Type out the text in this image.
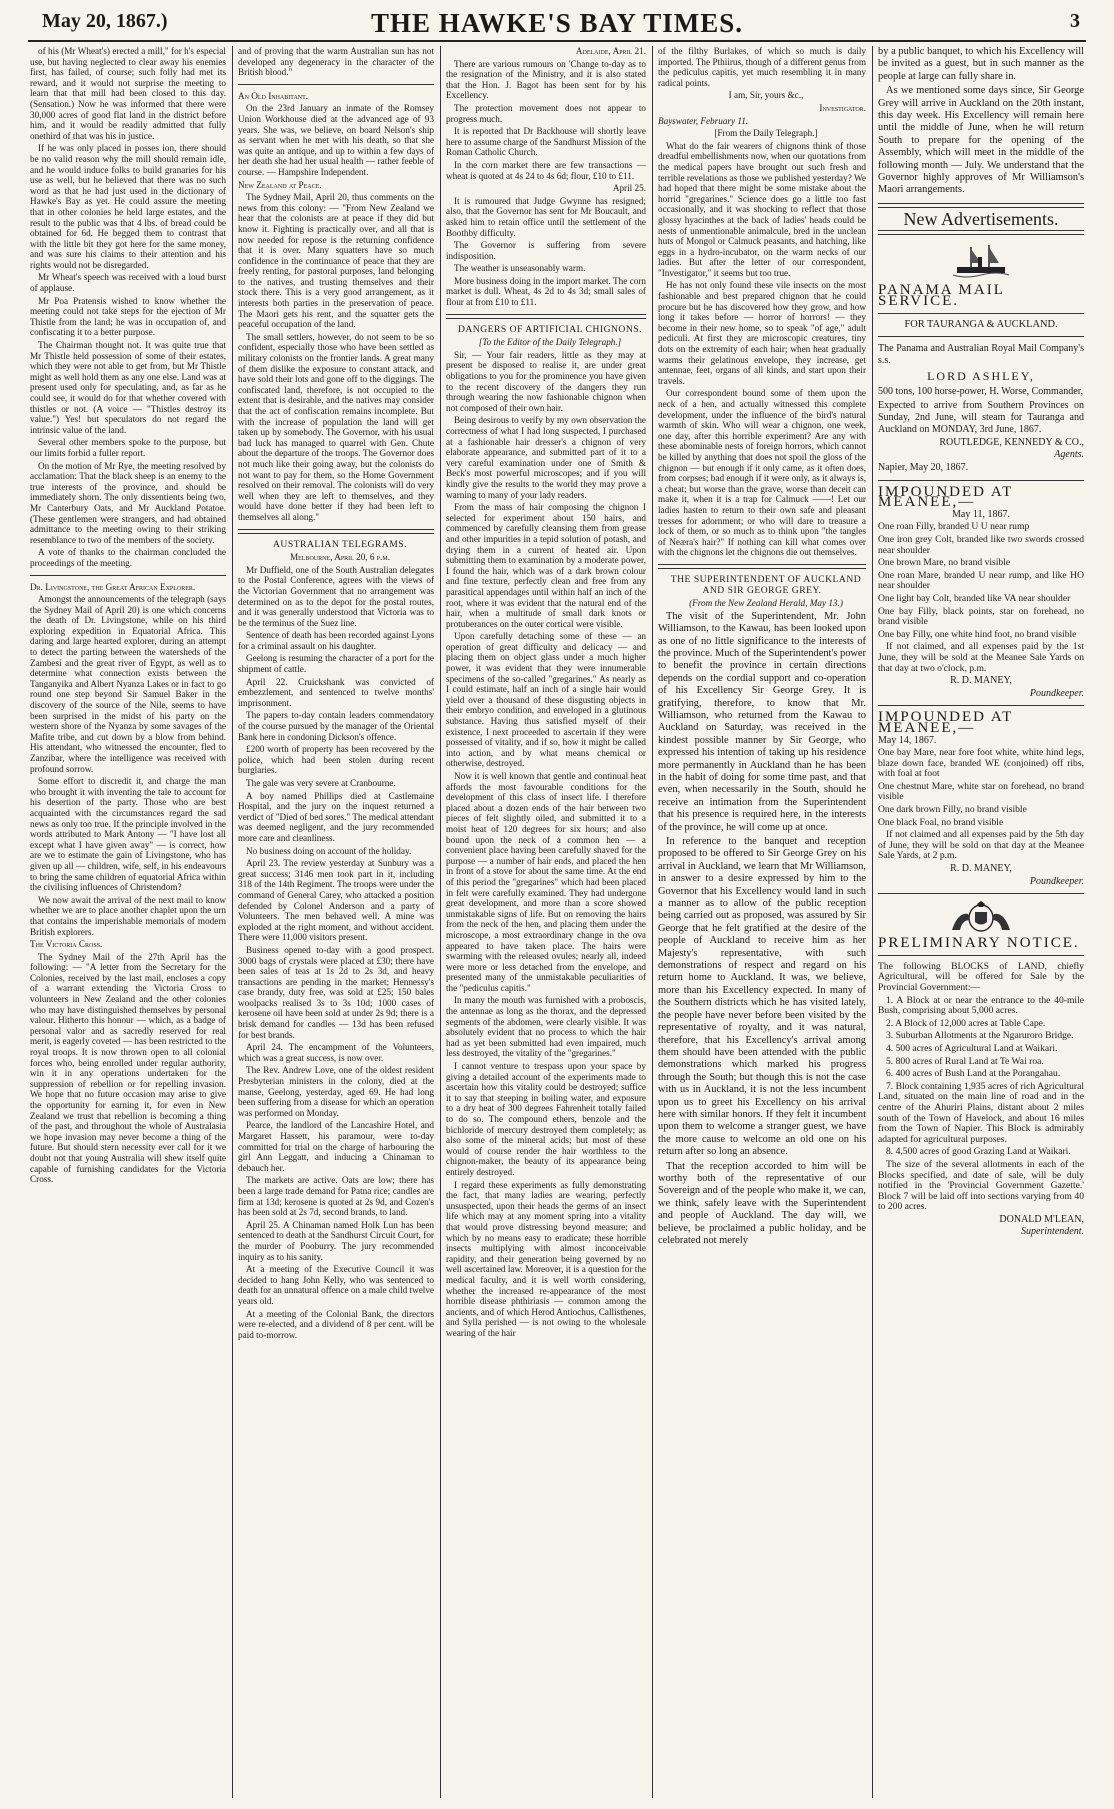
May 20, 1867.)	THE HAWKE'S BAY TIMES.	3

of his (Mr Wheat's) erected a mill," for h's especial use, but having neglected to clear away his enemies first, has failed, of course; such folly had met its reward, and it would not surprise the meeting to learn that that mill had been closed to this day. (Sensation.) Now he was informed that there were 30,000 acres of good flat land in the district before him, and it would be readily admitted that fully onethird of that was his in justice.

If he was only placed in posses ion, there should be no valid reason why the mill should remain idle, and he would induce folks to build granaries for his use as well, but he believed that there was no such word as that he had just used in the dictionary of Hawke's Bay as yet. He could assure the meeting that in other colonies he held large estates, and the result to the public was that 4 lbs. of bread could be obtained for 6d. He begged them to contrast that with the little bit they got here for the same money, and was sure his claims to their attention and his rights would not be disregarded.

Mr Wheat's speech was received with a loud burst of applause.

Mr Poa Pratensis wished to know whether the meeting could not take steps for the ejection of Mr Thistle from the land; he was in occupation of, and confiscating it to a better purpose.

The Chairman thought not. It was quite true that Mr Thistle held possession of some of their estates, which they were not able to get from, but Mr Thistle might as well hold them as any one else. Land was at present used only for speculating, and, as far as he could see, it would do for that whether covered with thistles or not. (A voice — "Thistles destroy its value.") Yes! but speculators do not regard the intrinsic value of the land.

Several other members spoke to the purpose, but our limits forbid a fuller report.

On the motion of Mr Rye, the meeting resolved by acclamation: That the black sheep is an enemy to the true interests of the province, and should be immediately shorn. The only dissentients being two, Mr Canterbury Oats, and Mr Auckland Potatoe. (These gentlemen were strangers, and had obtained admittance to the meeting owing to their striking resemblance to two of the members of the society.

A vote of thanks to the chairman concluded the proceedings of the meeting.

Dr. Livingstone, the Great African Explorer.

Amongst the announcements of the telegraph (says the Sydney Mail of April 20) is one which concerns the death of Dr. Livingstone, while on his third exploring expedition in Equatorial Africa. This daring and large hearted explorer, during an attempt to detect the parting between the watersheds of the Zambesi and the great river of Egypt, as well as to determine what connection exists between the Tanganyika and Albert Nyanza Lakes or in fact to go round one step beyond Sir Samuel Baker in the discovery of the source of the Nile, seems to have been surprised in the midst of his party on the western shore of the Nyanza by some savages of the Mafite tribe, and cut down by a blow from behind. His attendant, who witnessed the encounter, fled to Zanzibar, where the intelligence was received with profound sorrow.

Some effort to discredit it, and charge the man who brought it with inventing the tale to account for his desertion of the party. Those who are best acquainted with the circumstances regard the sad news as only too true. If the principle involved in the words attributed to Mark Antony — "I have lost all except what I have given away" — is correct, how are we to estimate the gain of Livingstone, who has given up all — children, wife, self, in his endeavours to bring the same children of equatorial Africa within the civilising influences of Christendom?

We now await the arrival of the next mail to know whether we are to place another chaplet upon the urn that contains the imperishable memorials of modern British explorers.

The Victoria Cross.

The Sydney Mail of the 27th April has the following: — "A letter from the Secretary for the Colonies, received by the last mail, encloses a copy of a warrant extending the Victoria Cross to volunteers in New Zealand and the other colonies who may have distinguished themselves by personal valour. Hitherto this honour — which, as a badge of personal valor and as sacredly reserved for real merit, is eagerly coveted — has been restricted to the royal troops. It is now thrown open to all colonial forces who, being enrolled under regular authority, win it in any operations undertaken for the suppression of rebellion or for repelling invasion. We hope that no future occasion may arise to give the opportunity for earning it, for even in New Zealand we trust that rebellion is becoming a thing of the past, and throughout the whole of Australasia we hope invasion may never become a thing of the future. But should stern necessity ever call for it we doubt not that young Australia will shew itself quite capable of furnishing candidates for the Victoria Cross.

and of proving that the warm Australian sun has not developed any degeneracy in the character of the British blood."

An Old Inhabitant.

On the 23rd January an inmate of the Romsey Union Workhouse died at the advanced age of 93 years. She was, we believe, on board Nelson's ship as servant when he met with his death, so that she was quite an antique, and up to within a few days of her death she had her usual health — rather feeble of course. — Hampshire Independent.

New Zealand at Peace.

The Sydney Mail, April 20, thus comments on the news from this colony: — "From New Zealand we hear that the colonists are at peace if they did but know it. Fighting is practically over, and all that is now needed for repose is the returning confidence that it is over. Many squatters have so much confidence in the continuance of peace that they are freely renting, for pastoral purposes, land belonging to the natives, and trusting themselves and their stock there. This is a very good arrangement, as it interests both parties in the preservation of peace. The Maori gets his rent, and the squatter gets the peaceful occupation of the land.

The small settlers, however, do not seem to be so confident, especially those who have been settled as military colonists on the frontier lands. A great many of them dislike the exposure to constant attack, and have sold their lots and gone off to the diggings. The confiscated land, therefore, is not occupied to the extent that is desirable, and the natives may consider that the act of confiscation remains incomplete. But with the increase of population the land will get taken up by somebody. The Governor, with his usual bad luck has managed to quarrel with Gen. Chute about the departure of the troops. The Governor does not much like their going away, but the colonists do not want to pay for them, so the Home Government resolved on their removal. The colonists will do very well when they are left to themselves, and they would have done better if they had been left to themselves all along."

AUSTRALIAN TELEGRAMS.

Melbourne, April 20, 6 p.m.

Mr Duffield, one of the South Australian delegates to the Postal Conference, agrees with the views of the Victorian Government that no arrangement was determined on as to the depot for the postal routes, and it was generally understood that Victoria was to be the terminus of the Suez line.

Sentence of death has been recorded against Lyons for a criminal assault on his daughter.

Geelong is resuming the character of a port for the shipment of cattle.

April 22. Cruickshank was convicted of embezzlement, and sentenced to twelve months' imprisonment.

The papers to-day contain leaders commendatory of the course pursued by the manager of the Oriental Bank here in condoning Dickson's offence.

£200 worth of property has been recovered by the police, which had been stolen during recent burglaries.

The gale was very severe at Cranbourne.

A boy named Phillips died at Castlemaine Hospital, and the jury on the inquest returned a verdict of "Died of bed sores." The medical attendant was deemed negligent, and the jury recommended more care and cleanliness.

No business doing on account of the holiday.

April 23. The review yesterday at Sunbury was a great success; 3146 men took part in it, including 318 of the 14th Regiment. The troops were under the command of General Carey, who attacked a position defended by Colonel Anderson and a party of Volunteers. The men behaved well. A mine was exploded at the right moment, and without accident. There were 11,000 visitors present.

Business opened to-day with a good prospect. 3000 bags of crystals were placed at £30; there have been sales of teas at 1s 2d to 2s 3d, and heavy transactions are pending in the market; Hennessy's case brandy, duty free, was sold at £25; 150 bales woolpacks realised 3s to 3s 10d; 1000 cases of kerosene oil have been sold at under 2s 9d; there is a brisk demand for candles — 13d has been refused for best brands.

April 24. The encampment of the Volunteers, which was a great success, is now over.

The Rev. Andrew Love, one of the oldest resident Presbyterian ministers in the colony, died at the manse, Geelong, yesterday, aged 69. He had long been suffering from a disease for which an operation was performed on Monday.

Pearce, the landlord of the Lancashire Hotel, and Margaret Hassett, his paramour, were to-day committed for trial on the charge of harbouring the girl Ann Leggatt, and inducing a Chinaman to debauch her.

The markets are active. Oats are low; there has been a large trade demand for Patna rice; candles are firm at 13d; kerosene is quoted at 2s 9d, and Cozen's has been sold at 2s 7d, second brands, to land.

April 25. A Chinaman named Holk Lun has been sentenced to death at the Sandhurst Circuit Court, for the murder of Pooburry. The jury recommended inquiry as to his sanity.

At a meeting of the Executive Council it was decided to hang John Kelly, who was sentenced to death for an unnatural offence on a male child twelve years old.

At a meeting of the Colonial Bank, the directors were re-elected, and a dividend of 8 per cent. will be paid to-morrow.

Adelaide, April 21.

There are various rumours on 'Change to-day as to the resignation of the Ministry, and it is also stated that the Hon. J. Bagot has been sent for by his Excellency.

The protection movement does not appear to progress much.

It is reported that Dr Backhouse will shortly leave here to assume charge of the Sandhurst Mission of the Roman Catholic Church.

In the corn market there are few transactions — wheat is quoted at 4s 24 to 4s 6d; flour, £10 to £11.

April 25.

It is rumoured that Judge Gwynne has resigned; also, that the Governor has sent for Mr Boucault, and asked him to retain office until the settlement of the Boothby difficulty.

The Governor is suffering from severe indisposition.

The weather is unseasonably warm.

More business doing in the import market. The corn market is dull. Wheat, 4s 2d to 4s 3d; small sales of flour at from £10 to £11.

DANGERS OF ARTIFICIAL CHIGNONS.

[To the Editor of the Daily Telegraph.]

Sir, — Your fair readers, little as they may at present be disposed to realise it, are under great obligations to you for the prominence you have given to the recent discovery of the dangers they run through wearing the now fashionable chignon when not composed of their own hair.

Being desirous to verify by my own observation the correctness of what I had long suspected, I purchased at a fashionable hair dresser's a chignon of very elaborate appearance, and submitted part of it to a very careful examination under one of Smith & Beck's most powerful microscopes; and if you will kindly give the results to the world they may prove a warning to many of your lady readers.

From the mass of hair composing the chignon I selected for experiment about 150 hairs, and commenced by carefully cleansing them from grease and other impurities in a tepid solution of potash, and drying them in a current of heated air. Upon submitting them to examination by a moderate power, I found the hair, which was of a dark brown colour and fine texture, perfectly clean and free from any parasitical appendages until within half an inch of the root, where it was evident that the natural end of the hair, when a multitude of small dark knots or protuberances on the outer cortical were visible.

Upon carefully detaching some of these — an operation of great difficulty and delicacy — and placing them on object glass under a much higher power, it was evident that they were innumerable specimens of the so-called "gregarines." As nearly as I could estimate, half an inch of a single hair would yield over a thousand of these disgusting objects in their embryo condition, and enveloped in a glutinous substance. Having thus satisfied myself of their existence, I next proceeded to ascertain if they were possessed of vitality, and if so, how it might be called into action, and by what means chemical or otherwise, destroyed.

Now it is well known that gentle and continual heat affords the most favourable conditions for the development of this class of insect life. I therefore placed about a dozen ends of the hair between two pieces of felt slightly oiled, and submitted it to a moist heat of 120 degrees for six hours; and also bound upon the neck of a common hen — a convenient place having been carefully shaved for the purpose — a number of hair ends, and placed the hen in front of a stove for about the same time. At the end of this period the "gregarines" which had been placed in felt were carefully examined. They had undergone great development, and more than a score showed unmistakable signs of life. But on removing the hairs from the neck of the hen, and placing them under the microscope, a most extraordinary change in the ova appeared to have taken place. The hairs were swarming with the released ovules; nearly all, indeed were more or less detached from the envelope, and presented many of the unmistakable peculiarities of the "pediculus capitis."

In many the mouth was furnished with a proboscis, the antennae as long as the thorax, and the depressed segments of the abdomen, were clearly visible. It was absolutely evident that no process to which the hair had as yet been submitted had even impaired, much less destroyed, the vitality of the "gregarines."

I cannot venture to trespass upon your space by giving a detailed account of the experiments made to ascertain how this vitality could be destroyed; suffice it to say that steeping in boiling water, and exposure to a dry heat of 300 degrees Fahrenheit totally failed to do so. The compound ethers, benzole and the bichloride of mercury destroyed them completely; as also some of the mineral acids; but most of these would of course render the hair worthless to the chignon-maker, the beauty of its appearance being entirely destroyed.

I regard these experiments as fully demonstrating the fact, that many ladies are wearing, perfectly unsuspected, upon their heads the germs of an insect life which may at any moment spring into a vitality that would prove distressing beyond measure; and which by no means easy to eradicate; these horrible insects multiplying with almost inconceivable rapidity, and their generation being governed by no well ascertained law. Moreover, it is a question for the medical faculty, and it is well worth considering, whether the increased re-appearance of the most horrible disease phthiriasis — common among the ancients, and of which Herod Antiochus, Callisthenes, and Sylla perished — is not owing to the wholesale wearing of the hair

of the filthy Burlakes, of which so much is daily imported. The Pthiirus, though of a different genus from the pediculus capitis, yet much resembling it in many radical points.

I am, Sir, yours &c.,

Investigator.

Bayswater, February 11.

[From the Daily Telegraph.]

What do the fair wearers of chignons think of those dreadful embellishments now, when our quotations from the medical papers have brought out such fresh and terrible revelations as those we published yesterday? We had hoped that there might be some mistake about the horrid "gregarines." Science does go a little too fast occasionally, and it was shocking to reflect that those glossy hyacinthes at the back of ladies' heads could be nests of unmentionable animalcule, bred in the unclean huts of Mongol or Calmuck peasants, and hatching, like eggs in a hydro-incubator, on the warm necks of our ladies. But after the letter of our correspondent, "Investigator," it seems but too true.

He has not only found these vile insects on the most fashionable and best prepared chignon that he could procure but he has discovered how they grow, and how long it takes before — horror of horrors! — they become in their new home, so to speak "of age," adult pediculi. At first they are microscopic creatures, tiny dots on the extremity of each hair; when heat gradually warms their gelatinous envelope, they increase, get antennae, feet, organs of all kinds, and start upon their travels.

Our correspondent bound some of them upon the neck of a hen, and actually witnessed this complete development, under the influence of the bird's natural warmth of skin. Who will wear a chignon, one week, one day, after this horrible experiment? Are any with these abominable nests of foreign horrors, which cannot be killed by anything that does not spoil the gloss of the chignon — but enough if it only came, as it often does, from corpses; bad enough if it were only, as it always is, a cheat; but worse than the grave, worse than deceit can make it, when it is a trap for Calmuck ——! Let our ladies hasten to return to their own safe and pleasant tresses for adornment; or who will dare to treasure a lock of them, or so much as to think upon "the tangles of Neæra's hair?" If nothing can kill what comes over with the chignons let the chignons die out themselves.

THE SUPERINTENDENT OF AUCKLAND AND SIR GEORGE GREY.

(From the New Zealand Herald, May 13.)

The visit of the Superintendent, Mr. John Williamson, to the Kawau, has been looked upon as one of no little significance to the interests of the province. Much of the Superintendent's power to benefit the province in certain directions depends on the cordial support and co-operation of his Excellency Sir George Grey. It is gratifying, therefore, to know that Mr. Williamson, who returned from the Kawau to Auckland on Saturday, was received in the kindest possible manner by Sir George, who expressed his intention of taking up his residence more permanently in Auckland than he has been in the habit of doing for some time past, and that even, when necessarily in the South, should he receive an intimation from the Superintendent that his presence is required here, in the interests of the province, he will come up at once.

In reference to the banquet and reception proposed to be offered to Sir George Grey on his arrival in Auckland, we learn that Mr Williamson, in answer to a desire expressed by him to the Governor that his Excellency would land in such a manner as to allow of the public reception being carried out as proposed, was assured by Sir George that he felt gratified at the desire of the people of Auckland to receive him as her Majesty's representative, with such demonstrations of respect and regard on his return home to Auckland. It was, we believe, more than his Excellency expected. In many of the Southern districts which he has visited lately, the people have never before been visited by the representative of royalty, and it was natural, therefore, that his Excellency's arrival among them should have been attended with the public demonstrations which marked his progress through the South; but though this is not the case with us in Auckland, it is not the less incumbent upon us to greet his Excellency on his arrival here with similar honors. If they felt it incumbent upon them to welcome a stranger guest, we have the more cause to welcome an old one on his return after so long an absence.

That the reception accorded to him will be worthy both of the representative of our Sovereign and of the people who make it, we can, we think, safely leave with the Superintendent and people of Auckland. The day will, we believe, be proclaimed a public holiday, and be celebrated not merely

by a public banquet, to which his Excellency will be invited as a guest, but in such manner as the people at large can fully share in.

As we mentioned some days since, Sir George Grey will arrive in Auckland on the 20th instant, this day week. His Excellency will remain here until the middle of June, when he will return South to prepare for the opening of the Assembly, which will meet in the middle of the following month — July. We understand that the Governor highly approves of Mr Williamson's Maori arrangements.

New Advertisements.

PANAMA MAIL SERVICE.

FOR TAURANGA & AUCKLAND.

The Panama and Australian Royal Mail Company's s.s.

LORD ASHLEY,

500 tons, 100 horse-power, H. Worse, Commander,

Expected to arrive from Southern Provinces on Sunday, 2nd June, will steam for Tauranga and Auckland on MONDAY, 3rd June, 1867.

ROUTLEDGE, KENNEDY & CO.,

Agents.

Napier, May 20, 1867.

IMPOUNDED AT MEANEE,—

May 11, 1867.

One roan Filly, branded U U near rump

One iron grey Colt, branded like two swords crossed near shoulder

One brown Mare, no brand visible

One roan Mare, branded U near rump, and like HO near shoulder

One light bay Colt, branded like VA near shoulder

One bay Filly, black points, star on forehead, no brand visible

One bay Filly, one white hind foot, no brand visible

If not claimed, and all expenses paid by the 1st June, they will be sold at the Meanee Sale Yards on that day at two o'clock, p.m.

R. D. MANEY,

Poundkeeper.

IMPOUNDED AT MEANEE,—

May 14, 1867.

One bay Mare, near fore foot white, white hind legs, blaze down face, branded WE (conjoined) off ribs, with foal at foot

One chestnut Mare, white star on forehead, no brand visible

One dark brown Filly, no brand visible

One black Foal, no brand visible

If not claimed and all expenses paid by the 5th day of June, they will be sold on that day at the Meanee Sale Yards, at 2 p.m.

R. D. MANEY,

Poundkeeper.

PRELIMINARY NOTICE.

The following BLOCKS of LAND, chiefly Agricultural, will be offered for Sale by the Provincial Government:—

1. A Block at or near the entrance to the 40-mile Bush, comprising about 5,000 acres.

2. A Block of 12,000 acres at Table Cape.

3. Suburban Allotments at the Ngaruroro Bridge.

4. 500 acres of Agricultural Land at Waikari.

5. 800 acres of Rural Land at Te Wai roa.

6. 400 acres of Bush Land at the Porangahau.

7. Block containing 1,935 acres of rich Agricultural Land, situated on the main line of road and in the centre of the Ahuriri Plains, distant about 2 miles south of the Town of Havelock, and about 16 miles from the Town of Napier. This Block is admirably adapted for agricultural purposes.

8. 4,500 acres of good Grazing Land at Waikari.

The size of the several allotments in each of the Blocks specified, and date of sale, will be duly notified in the 'Provincial Government Gazette.' Block 7 will be laid off into sections varying from 40 to 200 acres.

DONALD M'LEAN,

Superintendent.
